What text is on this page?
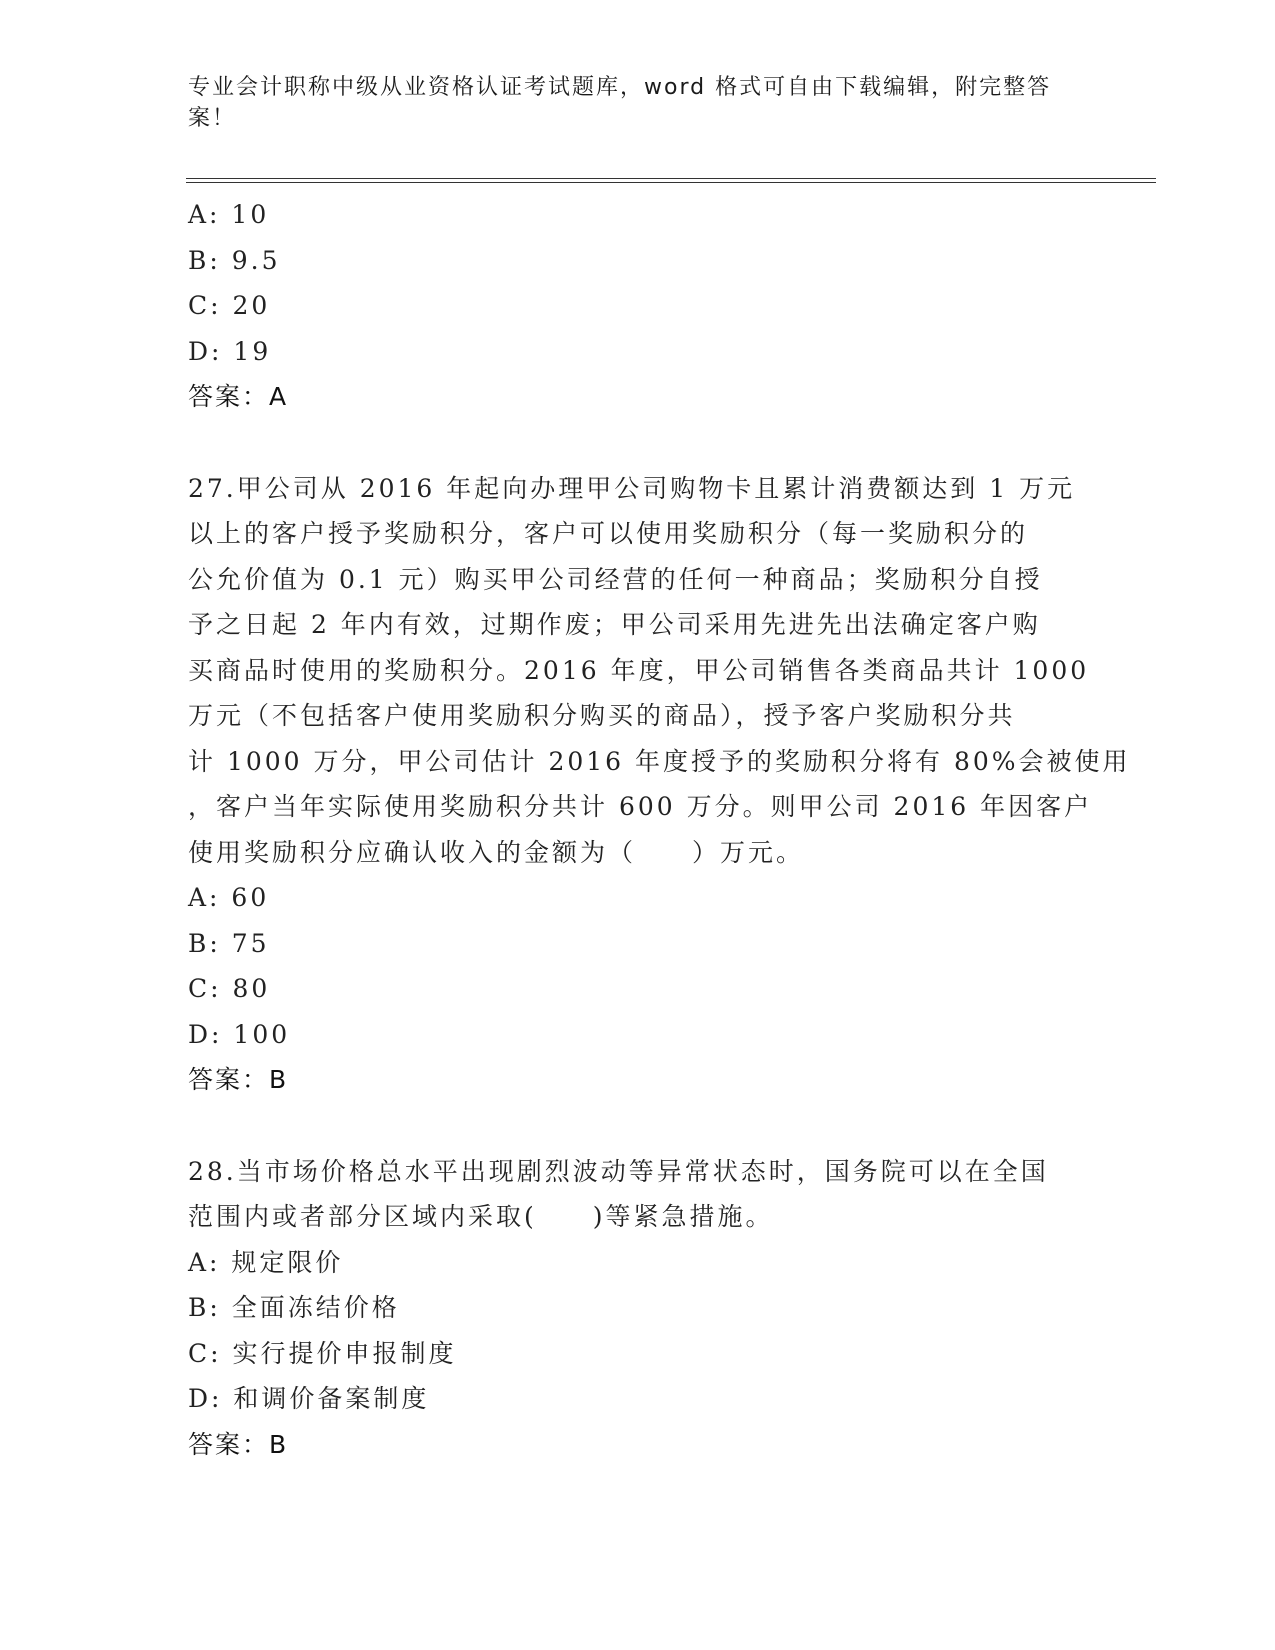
专业会计职称中级从业资格认证考试题库，word 格式可自由下载编辑，附完整答
案！
A: 10
B: 9.5
C: 20
D: 19
答案：A
27.甲公司从 2016 年起向办理甲公司购物卡且累计消费额达到 1 万元
以上的客户授予奖励积分，客户可以使用奖励积分（每一奖励积分的
公允价值为 0.1 元）购买甲公司经营的任何一种商品；奖励积分自授
予之日起 2 年内有效，过期作废；甲公司采用先进先出法确定客户购
买商品时使用的奖励积分。2016 年度，甲公司销售各类商品共计 1000
万元（不包括客户使用奖励积分购买的商品），授予客户奖励积分共
计 1000 万分，甲公司估计 2016 年度授予的奖励积分将有 80%会被使用
，客户当年实际使用奖励积分共计 600 万分。则甲公司 2016 年因客户
使用奖励积分应确认收入的金额为（　　）万元。
A: 60
B: 75
C: 80
D: 100
答案：B
28.当市场价格总水平出现剧烈波动等异常状态时，国务院可以在全国
范围内或者部分区域内采取(　　)等紧急措施。
A: 规定限价
B: 全面冻结价格
C: 实行提价申报制度
D: 和调价备案制度
答案：B
